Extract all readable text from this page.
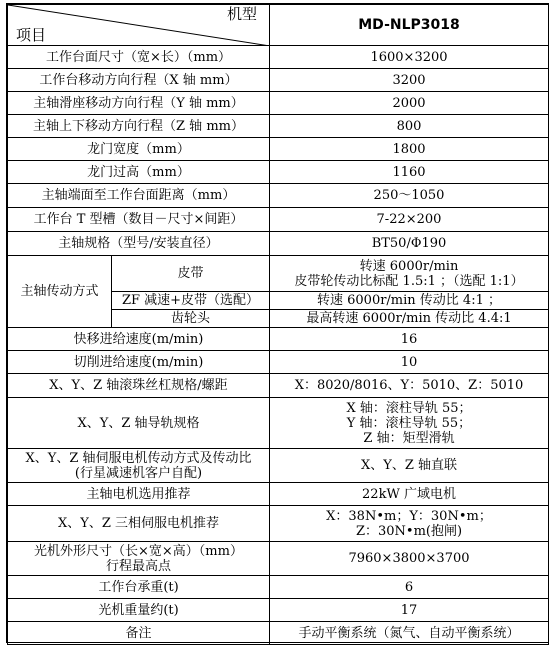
机型
项目		MD-NLP3018
工作台面尺寸（宽×长）（mm）		1600×3200
工作台移动方向行程（X 轴 mm）		3200
主轴滑座移动方向行程（Y 轴 mm）		2000
主轴上下移动方向行程（Z 轴 mm）		800
龙门宽度（mm）		1800
龙门过高（mm）		1160
主轴端面至工作台面距离（mm）		250～1050
工作台 T 型槽（数目－尺寸×间距）		7-22×200
主轴规格（型号/安装直径）		BT50/Φ190
主轴传动方式	皮带	转速 6000r/min
皮带轮传动比标配 1.5:1 ；（选配 1:1）

	ZF 减速+皮带（选配）	转速 6000r/min 传动比 4:1 ；
	齿轮头	最高转速 6000r/min 传动比 4.4:1
快移进给速度(m/min)		16
切削进给速度(m/min)		10
X、Y、Z 轴滚珠丝杠规格/螺距		X：8020/8016、Y：5010、Z：5010
X、Y、Z 轴导轨规格		X 轴：滚柱导轨 55；
Y 轴：滚柱导轨 55；
Z 轴：矩型滑轨

X、Y、Z 轴伺服电机传动方式及传动比
(行星减速机客户自配)		X、Y、Z 轴直联
主轴电机选用推荐		22kW 广域电机
X、Y、Z 三相伺服电机推荐		X：38N•m；Y：30N•m；
Z：30N•m(抱闸)

光机外形尺寸（长×宽×高）（mm）
行程最高点		7960×3800×3700
工作台承重(t)		6
光机重量约(t)		17
备注		手动平衡系统（氮气、自动平衡系统）
